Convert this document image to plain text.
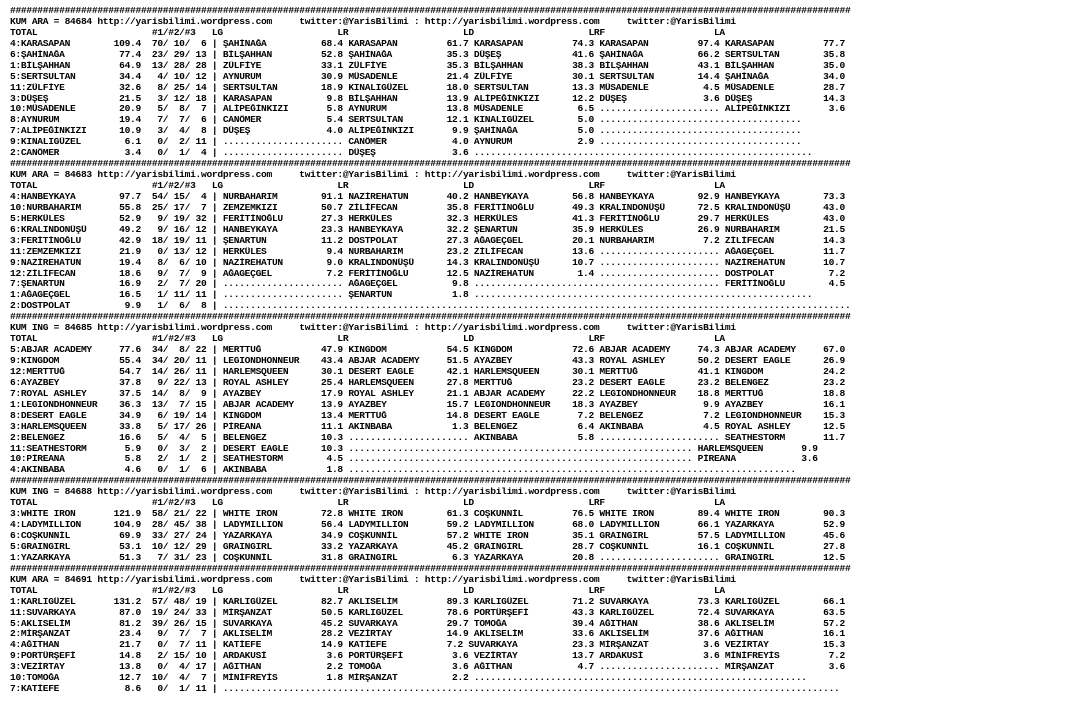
##########################################################################################################################################################
KUM ARA = 84684 http://yarisbilimi.wordpress.com     twitter:@YarisBilimi : http://yarisbilimi.wordpress.com     twitter:@YarisBilimi
TOTAL                     #1/#2/#3   LG                     LR                     LD                     LRF                    LA
4:KARASAPAN        109.4  70/ 10/  6 | ŞAHİNAĞA          68.4 KARASAPAN         61.7 KARASAPAN         74.3 KARASAPAN         97.4 KARASAPAN         77.7
6:ŞAHİNAĞA          77.4  23/ 29/ 13 | BİLŞAHHAN         52.8 ŞAHİNAĞA          35.3 DÜŞEŞ             41.6 ŞAHİNAĞA          66.2 SERTSULTAN        35.8
1:BİLŞAHHAN         64.9  13/ 28/ 28 | ZÜLFİYE           33.1 ZÜLFİYE           35.3 BİLŞAHHAN         38.3 BİLŞAHHAN         43.1 BİLŞAHHAN         35.0
5:SERTSULTAN        34.4   4/ 10/ 12 | AYNURUM           30.9 MÜSADENLE         21.4 ZÜLFİYE           30.1 SERTSULTAN        14.4 ŞAHİNAĞA          34.0
11:ZÜLFİYE          32.6   8/ 25/ 14 | SERTSULTAN        18.9 KINALIGÜZEL       18.0 SERTSULTAN        13.3 MÜSADENLE          4.5 MÜSADENLE         28.7
3:DÜŞEŞ             21.5   3/ 12/ 18 | KARASAPAN          9.8 BİLŞAHHAN         13.9 ALİPEĞİNKIZI      12.2 DÜŞEŞ              3.6 DÜŞEŞ             14.3
10:MÜSADENLE        20.9   5/  8/  7 | ALİPEĞİNKIZI       5.8 AYNURUM           13.8 MÜSADENLE          6.5 ...................... ALİPEĞİNKIZI       3.6
8:AYNURUM           19.4   7/  7/  6 | CANÖMER            5.4 SERTSULTAN        12.1 KINALIGÜZEL        5.0 .....................................
7:ALİPEĞİNKIZI      10.9   3/  4/  8 | DÜŞEŞ              4.0 ALİPEĞİNKIZI       9.9 ŞAHİNAĞA           5.0 .....................................
9:KINALIGÜZEL        6.1   0/  2/ 11 | ...................... CANÖMER            4.0 AYNURUM            2.9 .....................................
2:CANÖMER            3.4   0/  1/  4 | ...................... DÜŞEŞ              3.6 ..............................................................
##########################################################################################################################################################
KUM ARA = 84683 http://yarisbilimi.wordpress.com     twitter:@YarisBilimi : http://yarisbilimi.wordpress.com     twitter:@YarisBilimi
TOTAL                     #1/#2/#3   LG                     LR                     LD                     LRF                    LA
4:HANBEYKAYA        97.7  54/ 15/  4 | NURBAHARIM        91.1 NAZİREHATUN       40.2 HANBEYKAYA        56.8 HANBEYKAYA        92.9 HANBEYKAYA        73.3
10:NURBAHARIM       55.8  25/ 17/  7 | ZEMZEMKIZI        50.7 ZİLİFECAN         35.8 FERİTİNOĞLU       49.3 KRALINDONÜŞÜ      72.5 KRALINDONÜŞÜ      43.0
5:HERKÜLES          52.9   9/ 19/ 32 | FERİTİNOĞLU       27.3 HERKÜLES          32.3 HERKÜLES          41.3 FERİTİNOĞLU       29.7 HERKÜLES          43.0
6:KRALINDONÜŞÜ      49.2   9/ 16/ 12 | HANBEYKAYA        23.3 HANBEYKAYA        32.2 ŞENARTUN          35.9 HERKÜLES          26.9 NURBAHARIM        21.5
3:FERİTİNOĞLU       42.9  18/ 19/ 11 | ŞENARTUN          11.2 DOSTPOLAT         27.3 AĞAGEÇGEL         20.1 NURBAHARIM         7.2 ZİLİFECAN         14.3
11:ZEMZEMKIZI       21.9   0/ 13/ 12 | HERKÜLES           9.4 NURBAHARIM        23.2 ZİLİFECAN         13.6 ...................... AĞAGEÇGEL         11.7
9:NAZİREHATUN       19.4   8/  6/ 10 | NAZİREHATUN        9.0 KRALINDONÜŞÜ      14.3 KRALINDONÜŞÜ      10.7 ...................... NAZİREHATUN       10.7
12:ZİLİFECAN        18.6   9/  7/  9 | AĞAGEÇGEL          7.2 FERİTİNOĞLU       12.5 NAZİREHATUN        1.4 ...................... DOSTPOLAT          7.2
7:ŞENARTUN          16.9   2/  7/ 20 | ...................... AĞAGEÇGEL          9.8 ............................................. FERİTİNOĞLU        4.5
1:AĞAGEÇGEL         16.5   1/ 11/ 11 | ...................... ŞENARTUN           1.8 ..............................................................
2:DOSTPOLAT          9.9   1/  6/  8 | ...................................................................................................................
##########################################################################################################################################################
KUM ING = 84685 http://yarisbilimi.wordpress.com     twitter:@YarisBilimi : http://yarisbilimi.wordpress.com     twitter:@YarisBilimi
TOTAL                     #1/#2/#3   LG                     LR                     LD                     LRF                    LA
5:ABJAR ACADEMY     77.6  34/  8/ 22 | MERTTUĞ           47.9 KINGDOM           54.5 KINGDOM           72.6 ABJAR ACADEMY     74.3 ABJAR ACADEMY     67.0
9:KINGDOM           55.4  34/ 20/ 11 | LEGIONDHONNEUR    43.4 ABJAR ACADEMY     51.5 AYAZBEY           43.3 ROYAL ASHLEY      50.2 DESERT EAGLE      26.9
12:MERTTUĞ          54.7  14/ 26/ 11 | HARLEMSQUEEN      30.1 DESERT EAGLE      42.1 HARLEMSQUEEN      30.1 MERTTUĞ           41.1 KINGDOM           24.2
6:AYAZBEY           37.8   9/ 22/ 13 | ROYAL ASHLEY      25.4 HARLEMSQUEEN      27.8 MERTTUĞ           23.2 DESERT EAGLE      23.2 BELENGEZ          23.2
7:ROYAL ASHLEY      37.5  14/  8/  9 | AYAZBEY           17.9 ROYAL ASHLEY      21.1 ABJAR ACADEMY     22.2 LEGIONDHONNEUR    18.8 MERTTUĞ           18.8
1:LEGIONDHONNEUR    36.3  13/  7/ 15 | ABJAR ACADEMY     13.9 AYAZBEY           15.7 LEGIONDHONNEUR    18.3 AYAZBEY            9.9 AYAZBEY           16.1
8:DESERT EAGLE      34.9   6/ 19/ 14 | KINGDOM           13.4 MERTTUĞ           14.8 DESERT EAGLE       7.2 BELENGEZ           7.2 LEGIONDHONNEUR    15.3
3:HARLEMSQUEEN      33.8   5/ 17/ 26 | PİREANA           11.1 AKINBABA           1.3 BELENGEZ           6.4 AKINBABA           4.5 ROYAL ASHLEY      12.5
2:BELENGEZ          16.6   5/  4/  5 | BELENGEZ          10.3 ...................... AKINBABA           5.8 ...................... SEATHESTORM       11.7
11:SEATHESTORM       5.9   0/  3/  2 | DESERT EAGLE      10.3 ............................................................... HARLEMSQUEEN       9.9
10:PİREANA           5.8   2/  1/  2 | SEATHESTORM        4.5 ............................................................... PİREANA            3.6
4:AKINBABA           4.6   0/  1/  6 | AKINBABA           1.8 ..................................................................................
##########################################################################################################################################################
KUM ING = 84688 http://yarisbilimi.wordpress.com     twitter:@YarisBilimi : http://yarisbilimi.wordpress.com     twitter:@YarisBilimi
TOTAL                     #1/#2/#3   LG                     LR                     LD                     LRF                    LA
3:WHITE IRON       121.9  58/ 21/ 22 | WHITE IRON        72.8 WHITE IRON        61.3 COŞKUNNİL         76.5 WHITE IRON        89.4 WHITE IRON        90.3
4:LADYMILLION      104.9  28/ 45/ 38 | LADYMILLION       56.4 LADYMILLION       59.2 LADYMILLION       68.0 LADYMILLION       66.1 YAZARKAYA         52.9
6:COŞKUNNİL         69.9  33/ 27/ 24 | YAZARKAYA         34.9 COŞKUNNİL         57.2 WHITE IRON        35.1 GRAINGIRL         57.5 LADYMILLION       45.6
5:GRAINGIRL         53.1  10/ 12/ 29 | GRAINGIRL         33.2 YAZARKAYA         45.2 GRAINGIRL         28.7 COŞKUNNİL         16.1 COŞKUNNİL         27.8
1:YAZARKAYA         51.3   7/ 31/ 23 | COŞKUNNİL         31.8 GRAINGIRL          6.3 YAZARKAYA         20.8 ...................... GRAINGIRL         12.5
##########################################################################################################################################################
KUM ARA = 84691 http://yarisbilimi.wordpress.com     twitter:@YarisBilimi : http://yarisbilimi.wordpress.com     twitter:@YarisBilimi
TOTAL                     #1/#2/#3   LG                     LR                     LD                     LRF                    LA
1:KARLIGÜZEL       131.2  57/ 48/ 19 | KARLIGÜZEL        82.7 AKLISELİM         89.3 KARLIGÜZEL        71.2 SUVARKAYA         73.3 KARLIGÜZEL        66.1
11:SUVARKAYA        87.0  19/ 24/ 33 | MİRŞANZAT         50.5 KARLIGÜZEL        78.6 PORTÜRŞEFİ        43.3 KARLIGÜZEL        72.4 SUVARKAYA         63.5
5:AKLISELİM         81.2  39/ 26/ 15 | SUVARKAYA         45.2 SUVARKAYA         29.7 TOMOĞA            39.4 AĞITHAN           38.6 AKLISELİM         57.2
2:MİRŞANZAT         23.4   9/  7/  7 | AKLISELİM         28.2 VEZİRTAY          14.9 AKLISELİM         33.6 AKLISELİM         37.6 AĞITHAN           16.1
4:AĞITHAN           21.7   0/  7/ 11 | KATİEFE           14.9 KATİEFE           7.2 SUVARKAYA          23.3 MİRŞANZAT          3.6 VEZİRTAY          15.3
9:PORTÜRŞEFİ        14.8   2/ 15/ 10 | ARDAKUSİ           3.6 PORTÜRŞEFİ         3.6 VEZİRTAY          13.7 ARDAKUSİ           3.6 MİNİFREYİS         7.2
3:VEZİRTAY          13.8   0/  4/ 17 | AĞITHAN            2.2 TOMOĞA             3.6 AĞITHAN            4.7 ...................... MİRŞANZAT          3.6
10:TOMOĞA           12.7  10/  4/  7 | MİNİFREYİS         1.8 MİRŞANZAT          2.2 .............................................................
7:KATİEFE            8.6   0/  1/ 11 | .................................................................................................................
